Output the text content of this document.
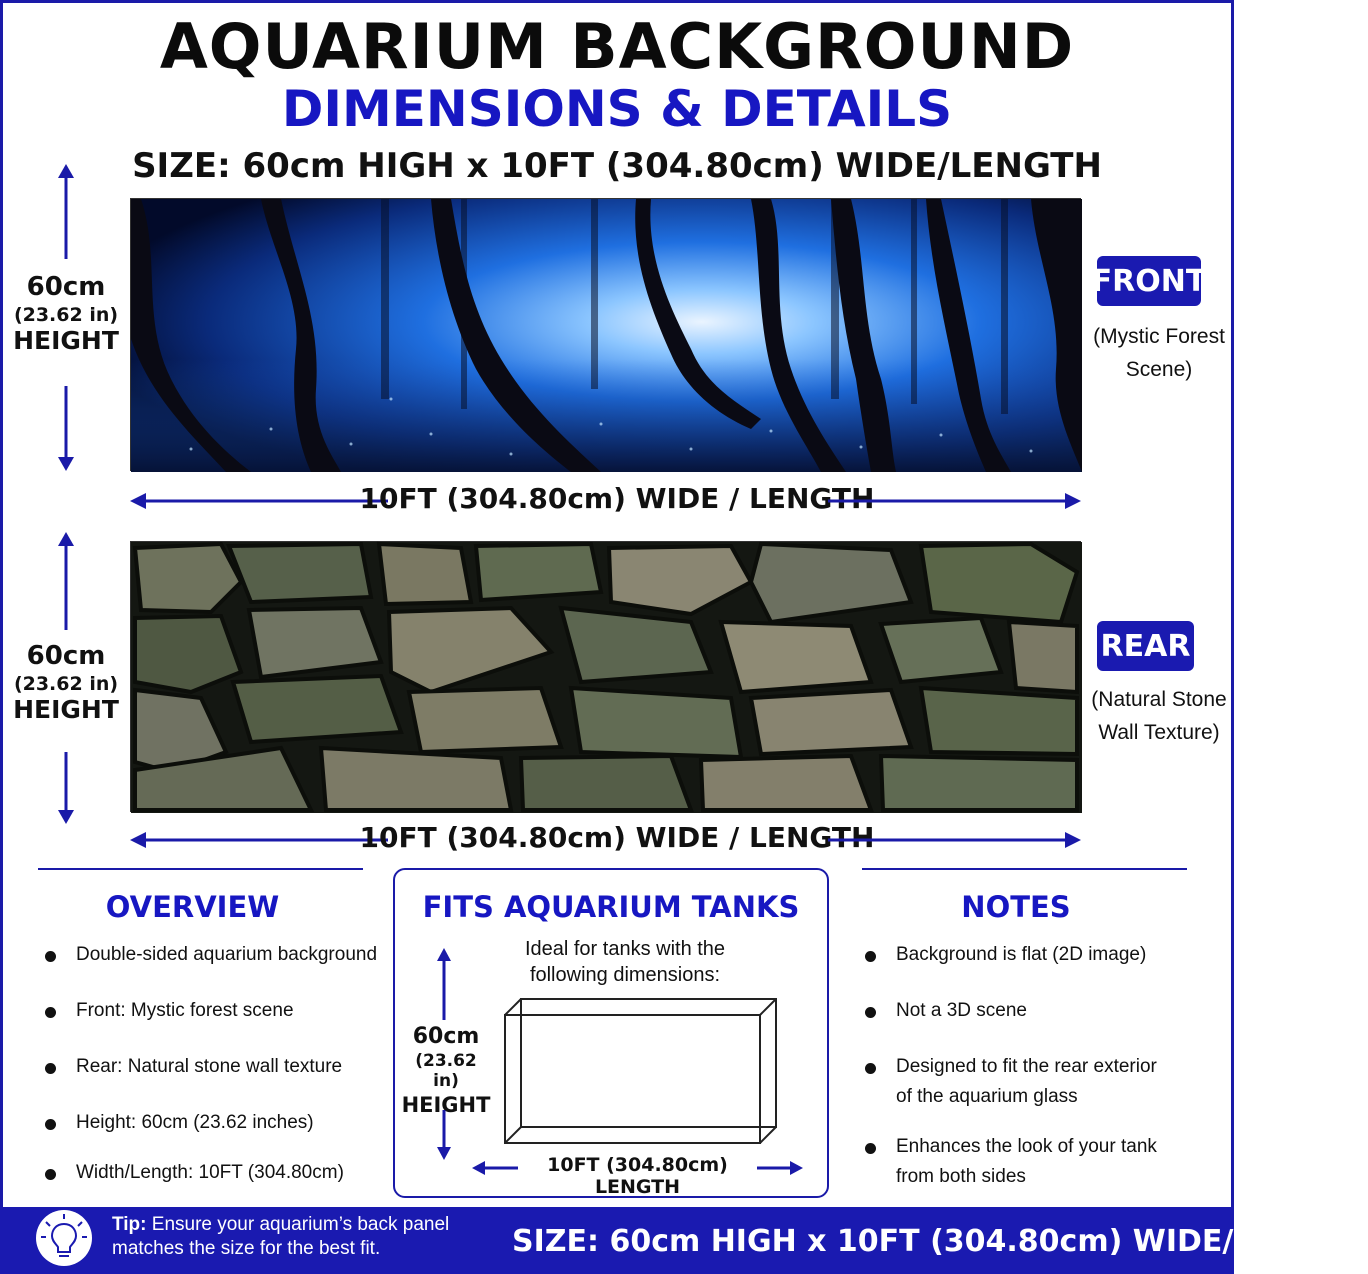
AQUARIUM BACKGROUND
DIMENSIONS & DETAILS
SIZE: 60cm HIGH x 10FT (304.80cm) WIDE/LENGTH
60cm
(23.62 in)
HEIGHT
FRONT
(Mystic Forest
Scene)
10FT (304.80cm) WIDE / LENGTH
60cm
(23.62 in)
HEIGHT
REAR
(Natural Stone
Wall Texture)
10FT (304.80cm) WIDE / LENGTH
OVERVIEW
Double-sided aquarium background
Front: Mystic forest scene
Rear: Natural stone wall texture
Height: 60cm (23.62 inches)
Width/Length: 10FT (304.80cm)
FITS AQUARIUM TANKS
Ideal for tanks with the
following dimensions:
60cm
(23.62 in)
HEIGHT
10FT (304.80cm) LENGTH
NOTES
Background is flat (2D image)
Not a 3D scene
Designed to fit the rear exterior of the aquarium glass
Enhances the look of your tank from both sides
Tip: Ensure your aquarium’s back panel matches the size for the best fit.	SIZE: 60cm HIGH x 10FT (304.80cm) WIDE/LENGTH
